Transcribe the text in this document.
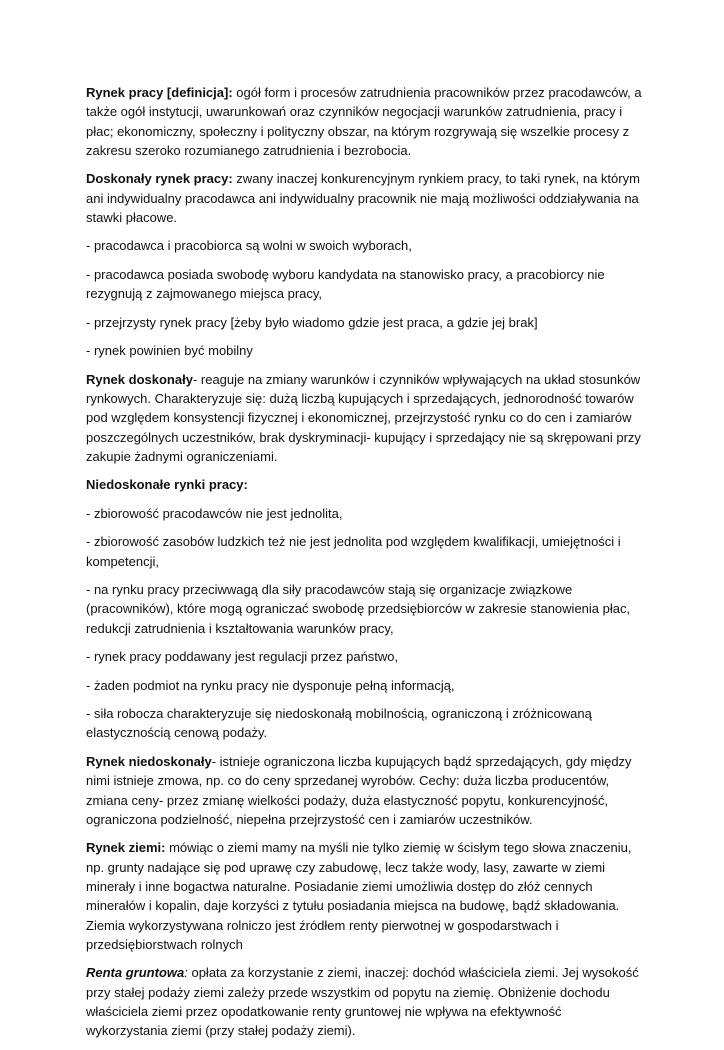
Rynek pracy [definicja]: ogół form i procesów zatrudnienia pracowników przez pracodawców, a także ogół instytucji, uwarunkowań oraz czynników negocjacji warunków zatrudnienia, pracy i płac; ekonomiczny, społeczny i polityczny obszar, na którym rozgrywają się wszelkie procesy z zakresu szeroko rozumianego zatrudnienia i bezrobocia.

Doskonały rynek pracy: zwany inaczej konkurencyjnym rynkiem pracy, to taki rynek, na którym ani indywidualny pracodawca ani indywidualny pracownik nie mają możliwości oddziaływania na stawki płacowe.

- pracodawca i pracobiorca są wolni w swoich wyborach,

- pracodawca posiada swobodę wyboru kandydata na stanowisko pracy, a pracobiorcy nie rezygnują z zajmowanego miejsca pracy,

- przejrzysty rynek pracy [żeby było wiadomo gdzie jest praca, a gdzie jej brak]

- rynek powinien być mobilny

Rynek doskonały- reaguje na zmiany warunków i czynników wpływających na układ stosunków rynkowych. Charakteryzuje się: dużą liczbą kupujących i sprzedających, jednorodność towarów pod względem konsystencji fizycznej i ekonomicznej, przejrzystość rynku co do cen i zamiarów poszczególnych uczestników, brak dyskryminacji- kupujący i sprzedający nie są skrępowani przy zakupie żadnymi ograniczeniami.

Niedoskonałe rynki pracy:

- zbiorowość pracodawców nie jest jednolita,

- zbiorowość zasobów ludzkich też nie jest jednolita pod względem kwalifikacji, umiejętności i kompetencji,

- na rynku pracy przeciwwagą dla siły pracodawców stają się organizacje związkowe (pracowników), które mogą ograniczać swobodę przedsiębiorców w zakresie stanowienia płac, redukcji zatrudnienia i kształtowania warunków pracy,

- rynek pracy poddawany jest regulacji przez państwo,

- żaden podmiot na rynku pracy nie dysponuje pełną informacją,

- siła robocza charakteryzuje się niedoskonałą mobilnością, ograniczoną i zróżnicowaną elastycznością cenową podaży.

Rynek niedoskonały- istnieje ograniczona liczba kupujących bądź sprzedających, gdy między nimi istnieje zmowa, np. co do ceny sprzedanej wyrobów. Cechy: duża liczba producentów, zmiana ceny- przez zmianę wielkości podaży, duża elastyczność popytu, konkurencyjność, ograniczona podzielność, niepełna przejrzystość cen i zamiarów uczestników.

Rynek ziemi: mówiąc o ziemi mamy na myśli nie tylko ziemię w ścisłym tego słowa znaczeniu, np. grunty nadające się pod uprawę czy zabudowę, lecz także wody, lasy, zawarte w ziemi minerały i inne bogactwa naturalne. Posiadanie ziemi umożliwia dostęp do złóż cennych minerałów i kopalin, daje korzyści z tytułu posiadania miejsca na budowę, bądź składowania. Ziemia wykorzystywana rolniczo jest źródłem renty pierwotnej w gospodarstwach i przedsiębiorstwach rolnych

Renta gruntowa: opłata za korzystanie z ziemi, inaczej: dochód właściciela ziemi. Jej wysokość przy stałej podaży ziemi zależy przede wszystkim od popytu na ziemię. Obniżenie dochodu właściciela ziemi przez opodatkowanie renty gruntowej nie wpływa na efektywność wykorzystania ziemi (przy stałej podaży ziemi).
